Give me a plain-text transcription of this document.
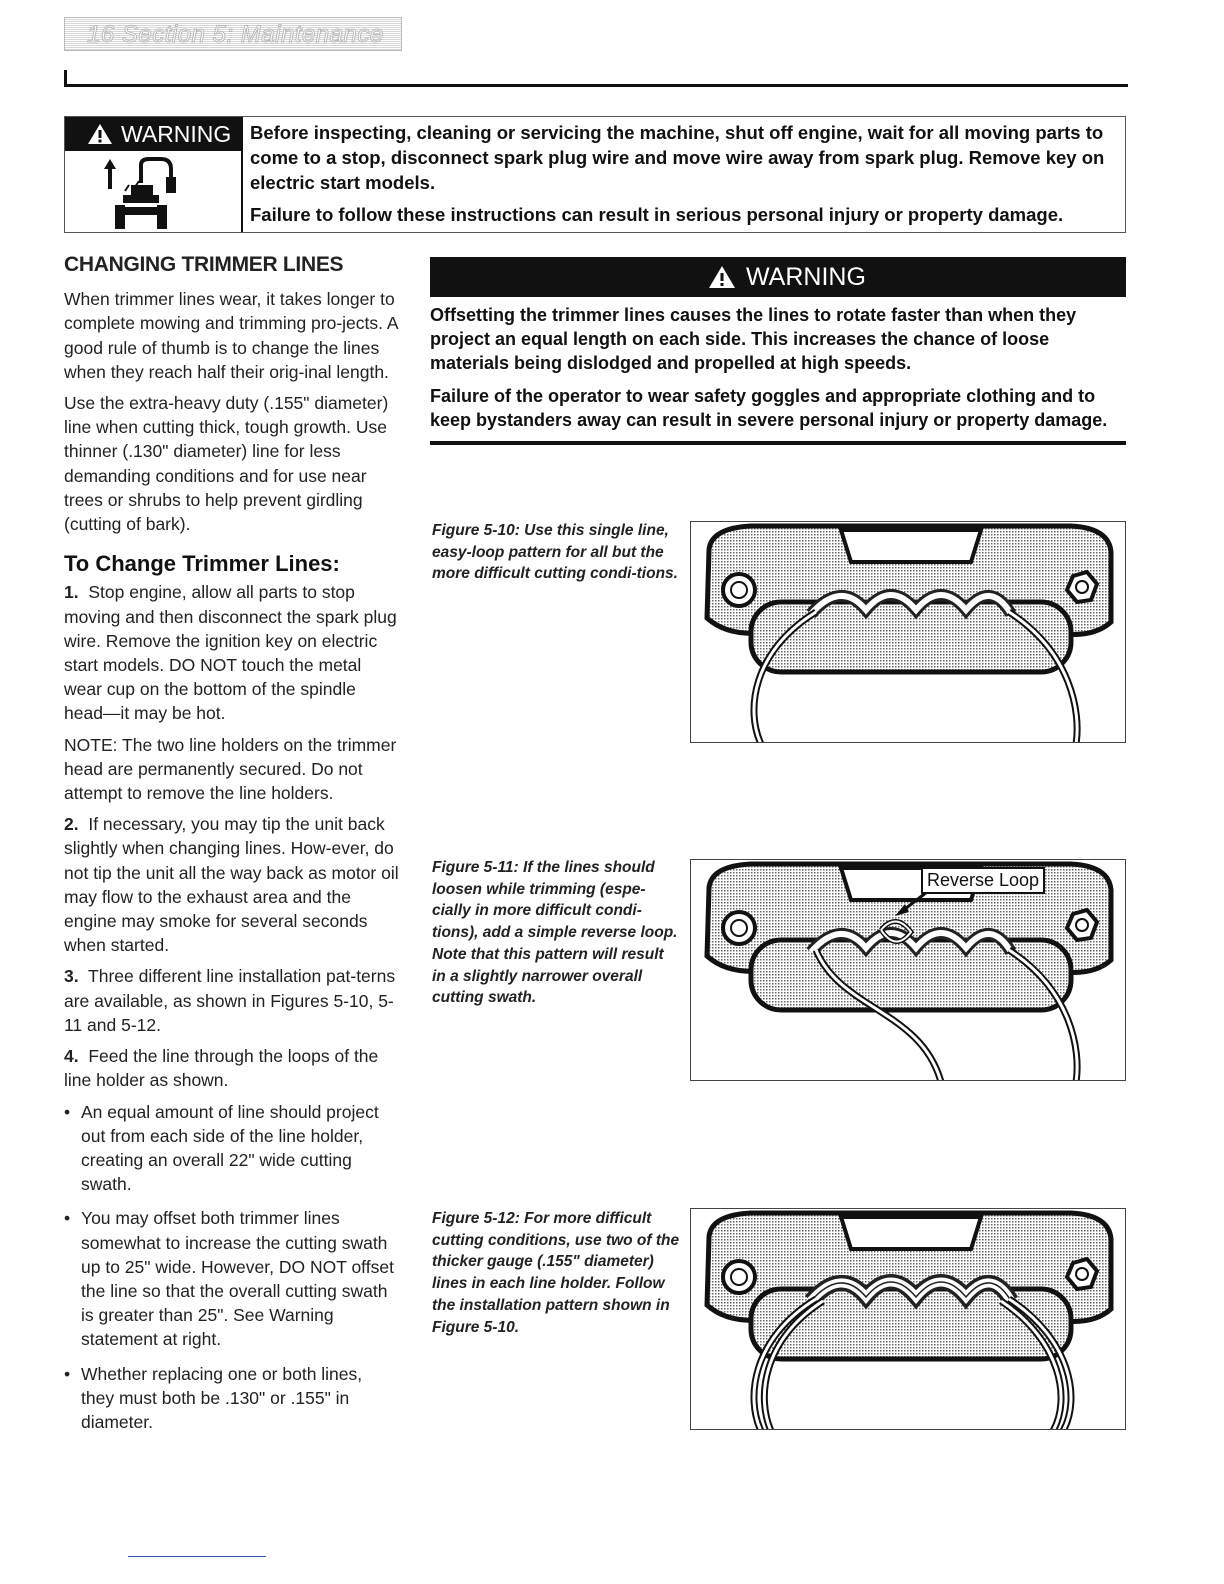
16 Section 5: Maintenance
WARNING Before inspecting, cleaning or servicing the machine, shut off engine, wait for all moving parts to come to a stop, disconnect spark plug wire and move wire away from spark plug. Remove key on electric start models.

Failure to follow these instructions can result in serious personal injury or property damage.

CHANGING TRIMMER LINES

When trimmer lines wear, it takes longer to complete mowing and trimming pro-jects. A good rule of thumb is to change the lines when they reach half their orig-inal length.

Use the extra-heavy duty (.155" diameter) line when cutting thick, tough growth. Use thinner (.130" diameter) line for less demanding conditions and for use near trees or shrubs to help prevent girdling (cutting of bark).

To Change Trimmer Lines:

1. Stop engine, allow all parts to stop moving and then disconnect the spark plug wire. Remove the ignition key on electric start models. DO NOT touch the metal wear cup on the bottom of the spindle head—it may be hot.

NOTE: The two line holders on the trimmer head are permanently secured. Do not attempt to remove the line holders.

2. If necessary, you may tip the unit back slightly when changing lines. How-ever, do not tip the unit all the way back as motor oil may flow to the exhaust area and the engine may smoke for several seconds when started.

3. Three different line installation pat-terns are available, as shown in Figures 5-10, 5-11 and 5-12.

4. Feed the line through the loops of the line holder as shown.

• An equal amount of line should project out from each side of the line holder, creating an overall 22" wide cutting swath.
• You may offset both trimmer lines somewhat to increase the cutting swath up to 25" wide. However, DO NOT offset the line so that the overall cutting swath is greater than 25". See Warning statement at right.
• Whether replacing one or both lines, they must both be .130" or .155" in diameter.
WARNING

Offsetting the trimmer lines causes the lines to rotate faster than when they project an equal length on each side. This increases the chance of loose materials being dislodged and propelled at high speeds.

Failure of the operator to wear safety goggles and appropriate clothing and to keep bystanders away can result in severe personal injury or property damage.

Figure 5-10: Use this single line, easy-loop pattern for all but the more difficult cutting condi-tions.
Figure 5-11: If the lines should loosen while trimming (espe-cially in more difficult condi-tions), add a simple reverse loop. Note that this pattern will result in a slightly narrower overall cutting swath.
Reverse Loop
Figure 5-12: For more difficult cutting conditions, use two of the thicker gauge (.155" diameter) lines in each line holder. Follow the installation pattern shown in Figure 5-10.
